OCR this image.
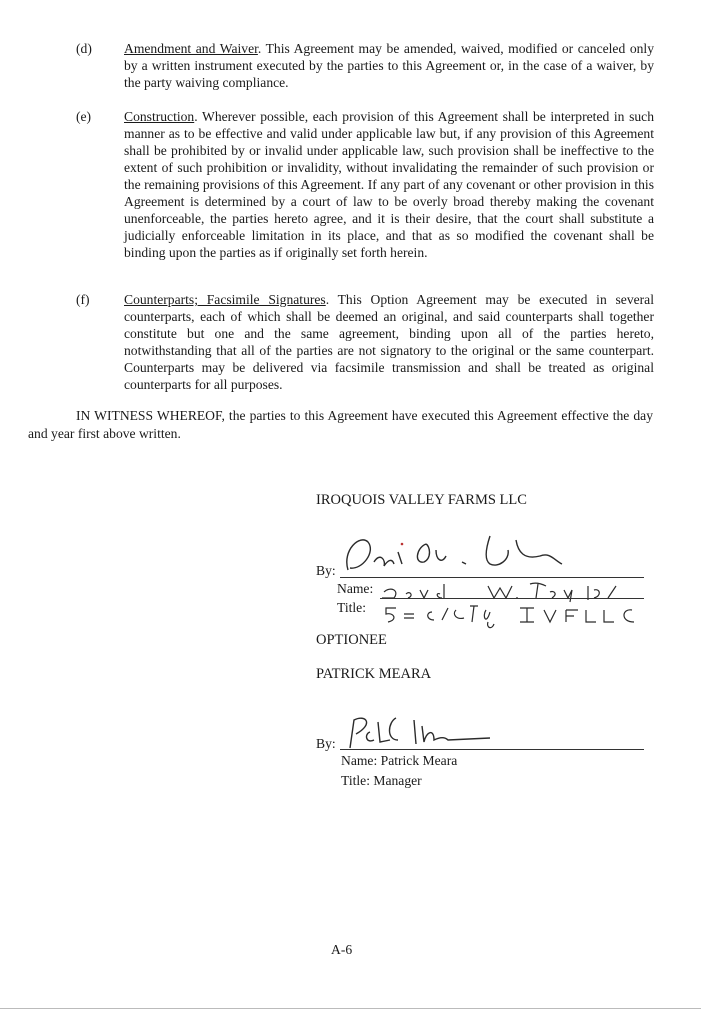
(d) Amendment and Waiver. This Agreement may be amended, waived, modified or canceled only by a written instrument executed by the parties to this Agreement or, in the case of a waiver, by the party waiving compliance.
(e) Construction. Wherever possible, each provision of this Agreement shall be interpreted in such manner as to be effective and valid under applicable law but, if any provision of this Agreement shall be prohibited by or invalid under applicable law, such provision shall be ineffective to the extent of such prohibition or invalidity, without invalidating the remainder of such provision or the remaining provisions of this Agreement. If any part of any covenant or other provision in this Agreement is determined by a court of law to be overly broad thereby making the covenant unenforceable, the parties hereto agree, and it is their desire, that the court shall substitute a judicially enforceable limitation in its place, and that as so modified the covenant shall be binding upon the parties as if originally set forth herein.
(f)	Counterparts; Facsimile Signatures. This Option Agreement may be executed in several counterparts, each of which shall be deemed an original, and said counterparts shall together constitute but one and the same agreement, binding upon all of the parties hereto, notwithstanding that all of the parties are not signatory to the original or the same counterpart. Counterparts may be delivered via facsimile transmission and shall be treated as original counterparts for all purposes.
IN WITNESS WHEREOF, the parties to this Agreement have executed this Agreement effective the day and year first above written.
IROQUOIS VALLEY FARMS LLC
By:
Name:
Title:
OPTIONEE
PATRICK MEARA
By:
Name: Patrick Meara
Title: Manager
A-6
